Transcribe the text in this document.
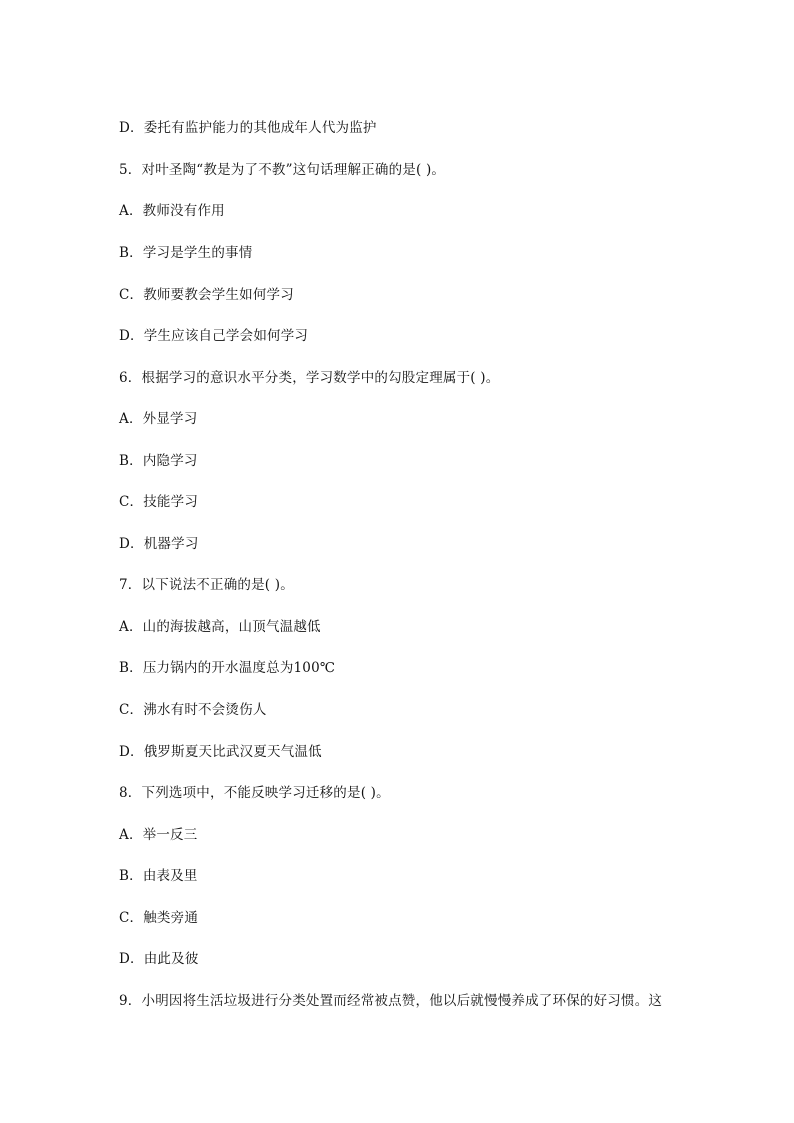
D．委托有监护能力的其他成年人代为监护
5．对叶圣陶“教是为了不教”这句话理解正确的是( )。
A．教师没有作用
B．学习是学生的事情
C．教师要教会学生如何学习
D．学生应该自己学会如何学习
6．根据学习的意识水平分类，学习数学中的勾股定理属于( )。
A．外显学习
B．内隐学习
C．技能学习
D．机器学习
7．以下说法不正确的是( )。
A．山的海拔越高，山顶气温越低
B．压力锅内的开水温度总为100℃
C．沸水有时不会烫伤人
D．俄罗斯夏天比武汉夏天气温低
8．下列选项中，不能反映学习迁移的是( )。
A．举一反三
B．由表及里
C．触类旁通
D．由此及彼
9．小明因将生活垃圾进行分类处置而经常被点赞，他以后就慢慢养成了环保的好习惯。这
